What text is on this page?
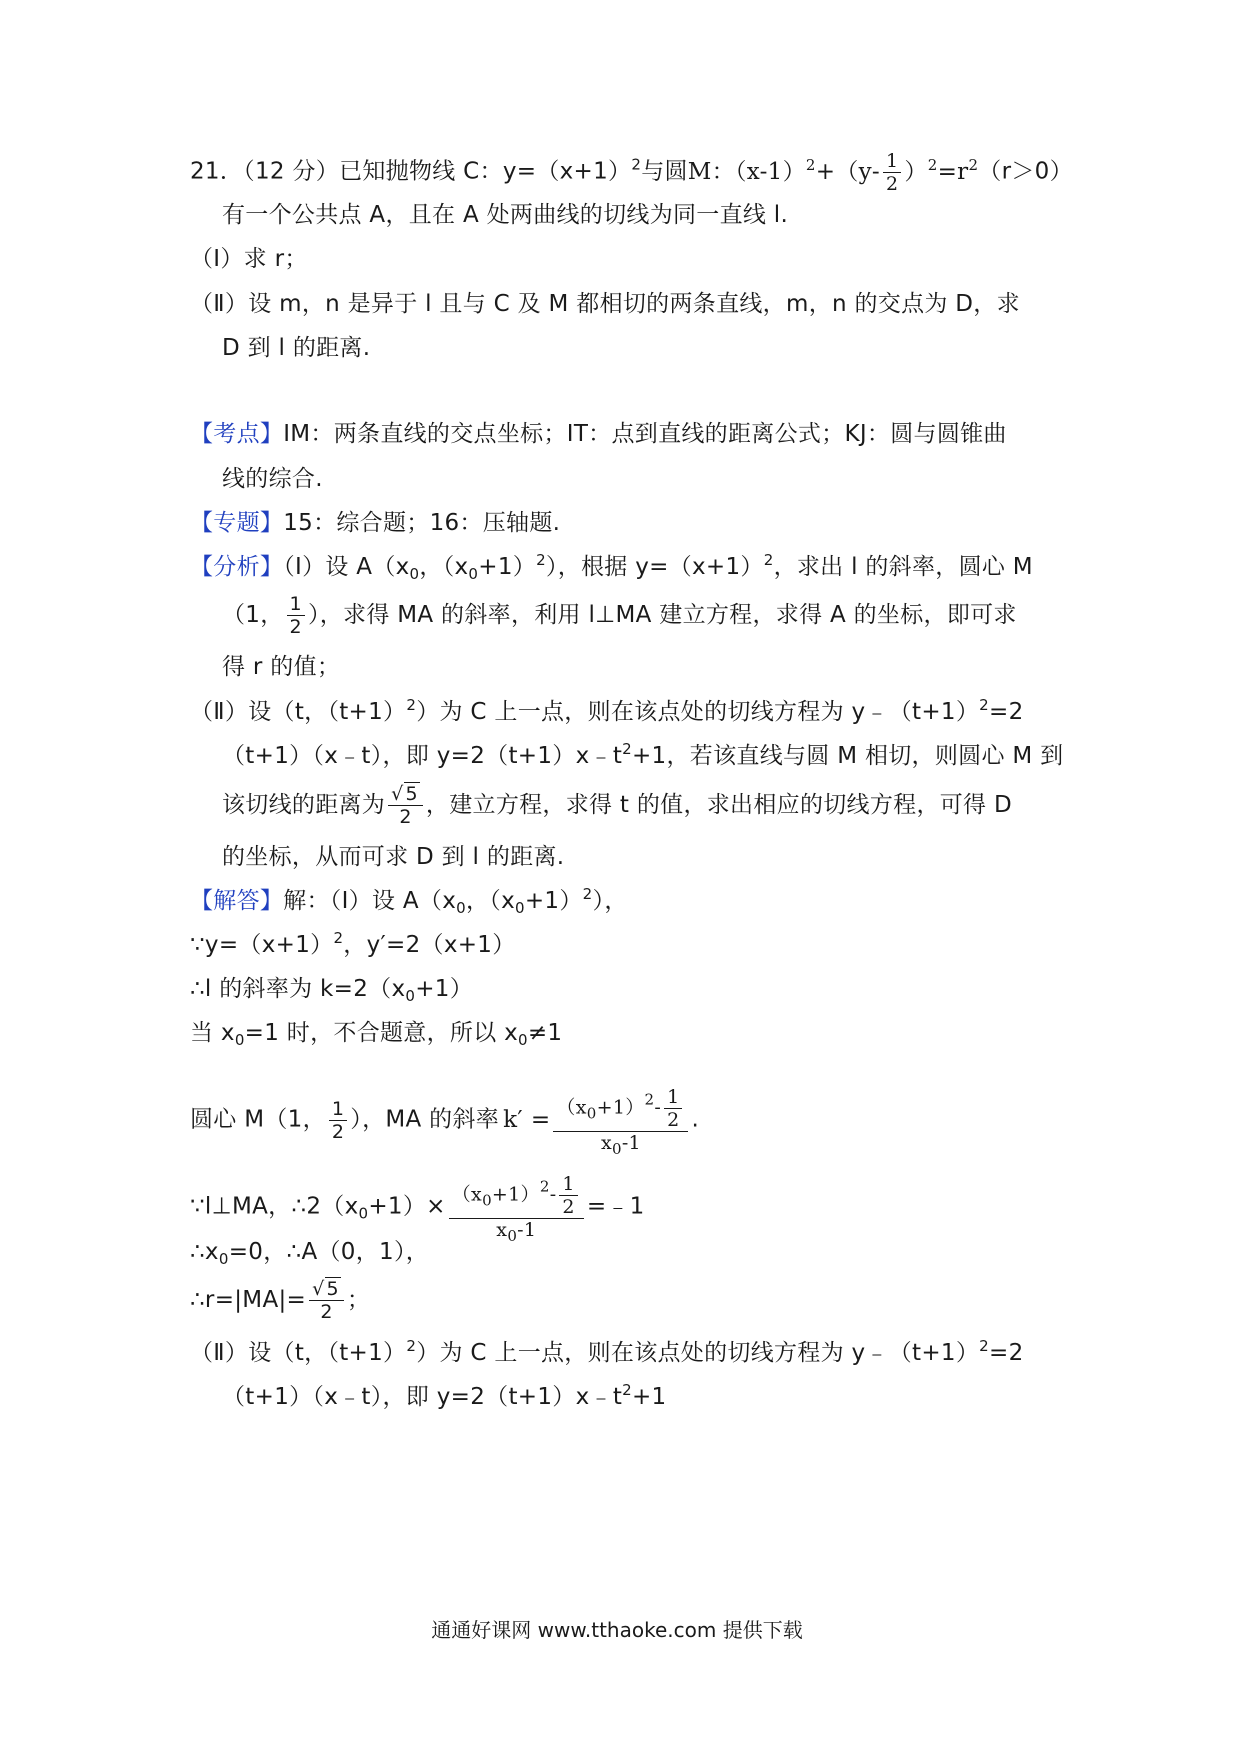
21．（12 分）已知抛物线 C：$y=(x+1)^2$与圆M：$(x-1)^2+(y- \frac{1}{2} )^2=r^2(r>0)$
有一个公共点 A，且在 A 处两曲线的切线为同一直线 l.
（Ⅰ）求 r；
（Ⅱ）设 m，n 是异于 l 且与 C 及 M 都相切的两条直线，m，n 的交点为 D，求
D 到 l 的距离.
【考点】IM：两条直线的交点坐标；IT：点到直线的距离公式；KJ：圆与圆锥曲
线的综合.
【专题】15：综合题；16：压轴题.
【分析】（Ⅰ）设 $A(x_0$，$(x_0+1)^2$），根据 $y=(x+1)^2$，求出 l 的斜率，圆心 M
（1， $\frac{1}{2}$ ），求得 MA 的斜率，利用 l⊥MA 建立方程，求得 A 的坐标，即可求
得 r 的值；
（Ⅱ）设（t，$(t+1)^2$）为 C 上一点，则在该点处的切线方程为 $y﹣(t+1)^2=2$
（t+1）（x﹣t），即 $y=2(t+1)x﹣t^2+1$，若该直线与圆 M 相切，则圆心 M 到
该切线的距离为 $\frac{√ 5}{2}$ ，建立方程，求得 t 的值，求出相应的切线方程，可得 D
的坐标，从而可求 D 到 l 的距离.
【解答】解：（Ⅰ）设 $A(x_0$，$(x_0+1)^2$），
$\because y=(x+1)^2$，y′=2（x+1）
∴l 的斜率为 $k=2(x_0+1)$
当 $x_0=1$ 时，不合题意，所以 $x_0\ne 1$
圆心 M（1， $\frac{1}{2}$ ），MA 的斜率 $k' = \frac{(x_0+1)^2- \frac{1}{2}}{x_0-1}$ .
∵l⊥MA，$\therefore 2(x_0+1)\times \frac{(x_0+1)^2- \frac{1}{2}}{x_0-1}$ =﹣1
$\therefore x_0=0$，∴A（0，1），
∴r=|MA|= $\frac{√ 5}{2}$ ；
（Ⅱ）设（t，$(t+1)^2$）为 C 上一点，则在该点处的切线方程为 $y﹣(t+1)^2=2$
（t+1）（x﹣t），即 $y=2(t+1)x﹣t^2+1$
通通好课网 www.tthaoke.com 提供下载
